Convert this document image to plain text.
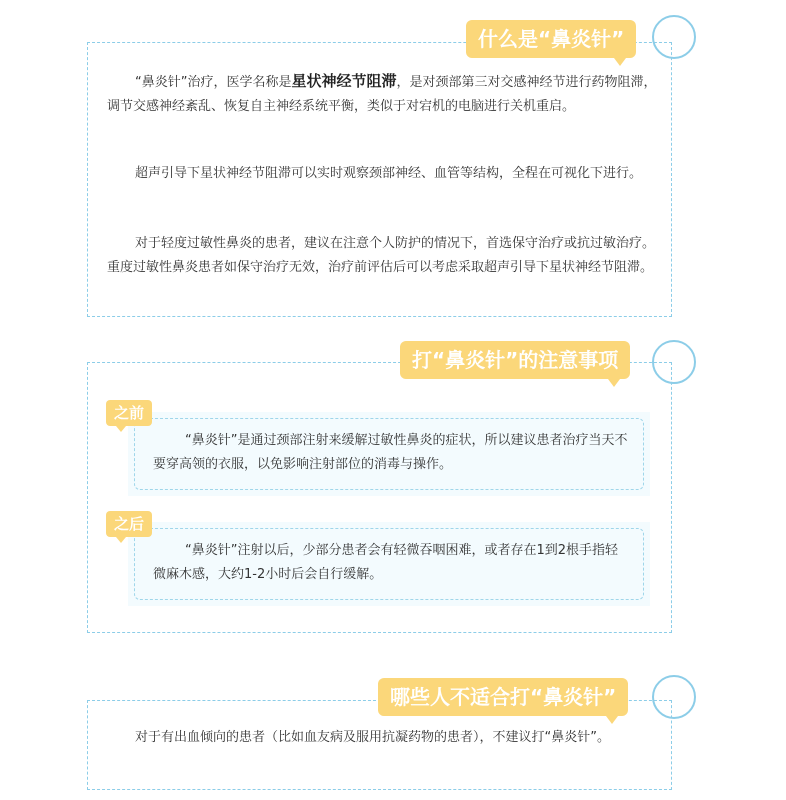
什么是“鼻炎针”

“鼻炎针”治疗，医学名称是星状神经节阻滞，是对颈部第三对交感神经节进行药物阻滞，调节交感神经紊乱、恢复自主神经系统平衡，类似于对宕机的电脑进行关机重启。

超声引导下星状神经节阻滞可以实时观察颈部神经、血管等结构，全程在可视化下进行。

对于轻度过敏性鼻炎的患者，建议在注意个人防护的情况下，首选保守治疗或抗过敏治疗。重度过敏性鼻炎患者如保守治疗无效，治疗前评估后可以考虑采取超声引导下星状神经节阻滞。

打“鼻炎针”的注意事项

“鼻炎针”是通过颈部注射来缓解过敏性鼻炎的症状，所以建议患者治疗当天不要穿高领的衣服，以免影响注射部位的消毒与操作。

之前

“鼻炎针”注射以后，少部分患者会有轻微吞咽困难，或者存在1到2根手指轻微麻木感，大约1-2小时后会自行缓解。

之后
哪些人不适合打“鼻炎针”

对于有出血倾向的患者（比如血友病及服用抗凝药物的患者），不建议打“鼻炎针”。
